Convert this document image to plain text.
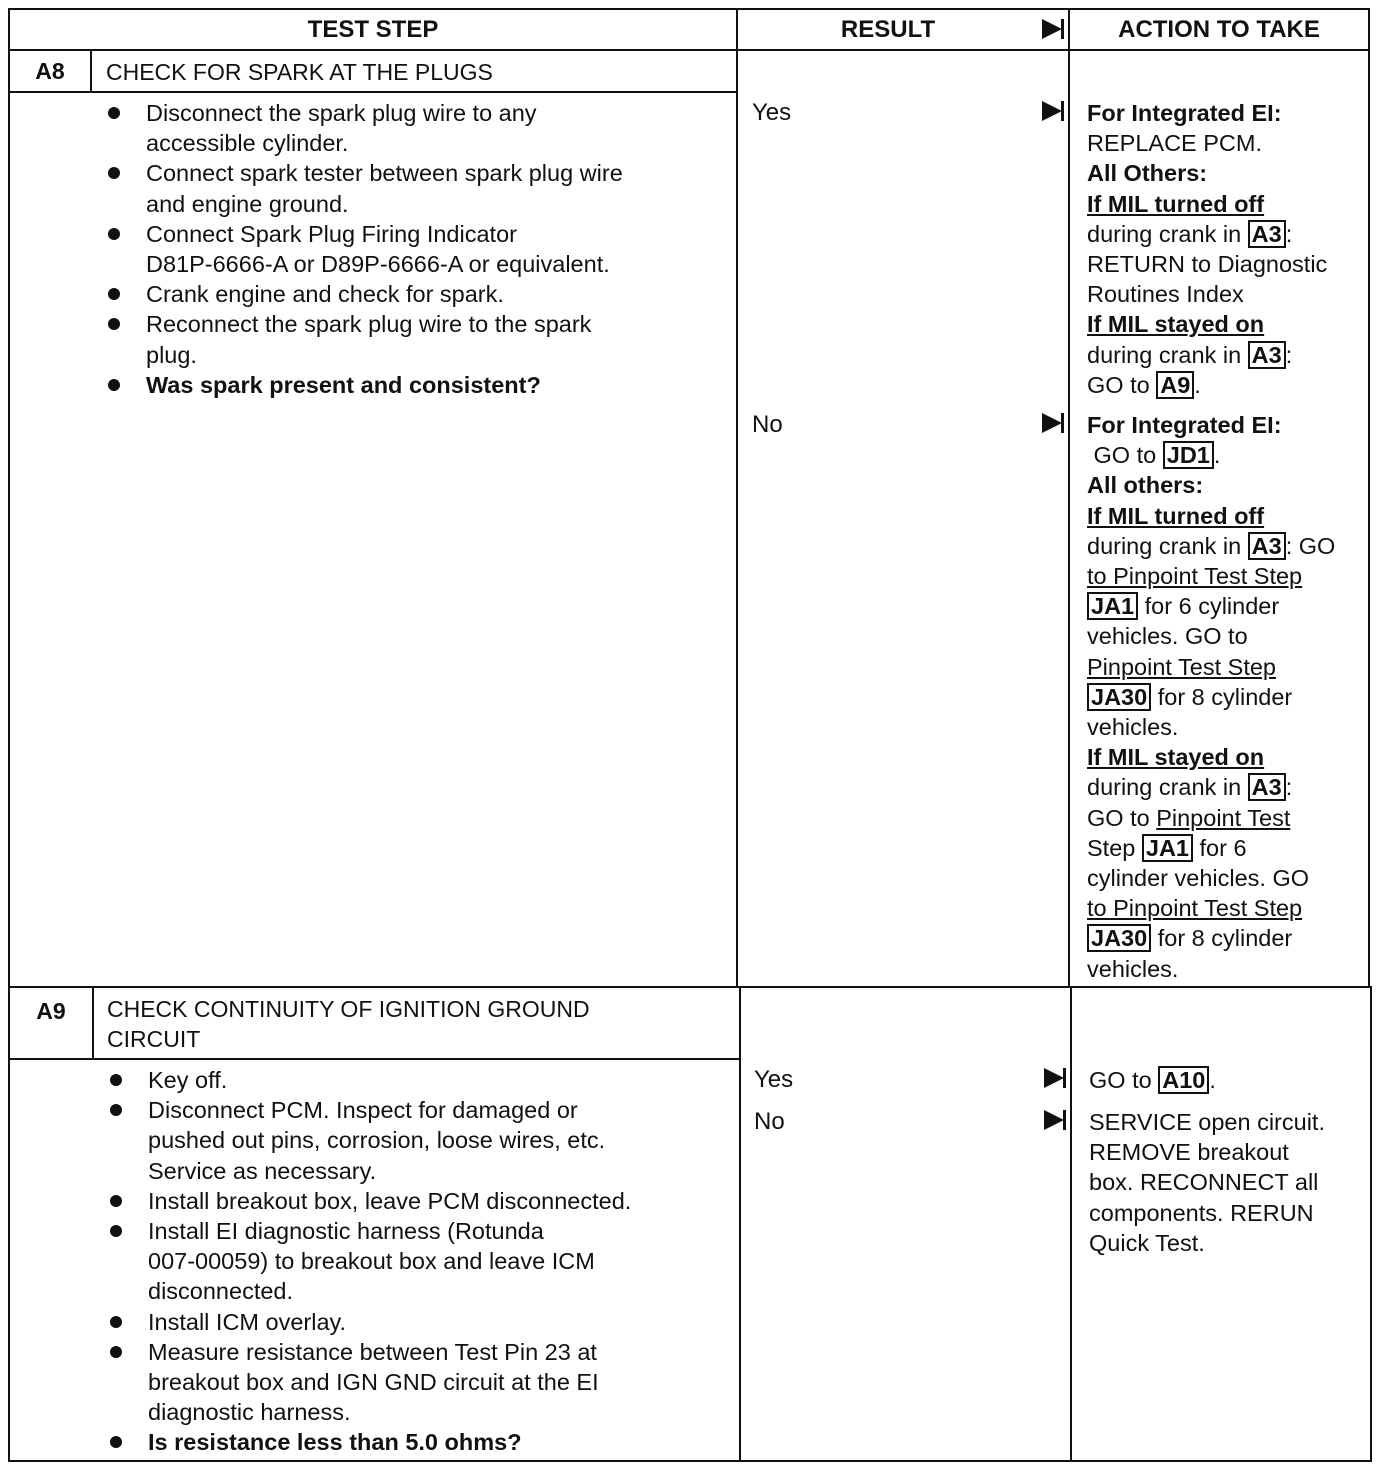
TEST STEP	RESULT	ACTION TO TAKE
A8	CHECK FOR SPARK AT THE PLUGS
Disconnect the spark plug wire to any
accessible cylinder.
Connect spark tester between spark plug wire
and engine ground.
Connect Spark Plug Firing Indicator
D81P-6666-A or D89P-6666-A or equivalent.
Crank engine and check for spark.
Reconnect the spark plug wire to the spark
plug.
Was spark present and consistent?
Yes	For Integrated EI:
REPLACE PCM.
All Others:
If MIL turned off
during crank in A3 :
RETURN to Diagnostic
Routines Index
If MIL stayed on
during crank in A3 :
GO to A9 .
No	For Integrated EI:
GO to JD1 .
All others:
If MIL turned off
during crank in A3 : GO
to Pinpoint Test Step
JA1 for 6 cylinder
vehicles. GO to
Pinpoint Test Step
JA30 for 8 cylinder
vehicles.
If MIL stayed on
during crank in A3 :
GO to Pinpoint Test
Step JA1 for 6
cylinder vehicles. GO
to Pinpoint Test Step
JA30 for 8 cylinder
vehicles.
A9	CHECK CONTINUITY OF IGNITION GROUND
CIRCUIT
Key off.
Disconnect PCM. Inspect for damaged or
pushed out pins, corrosion, loose wires, etc.
Service as necessary.
Install breakout box, leave PCM disconnected.
Install EI diagnostic harness (Rotunda
007-00059) to breakout box and leave ICM
disconnected.
Install ICM overlay.
Measure resistance between Test Pin 23 at
breakout box and IGN GND circuit at the EI
diagnostic harness.
Is resistance less than 5.0 ohms?
Yes	GO to A10 .
No	SERVICE open circuit.
REMOVE breakout
box. RECONNECT all
components. RERUN
Quick Test.
